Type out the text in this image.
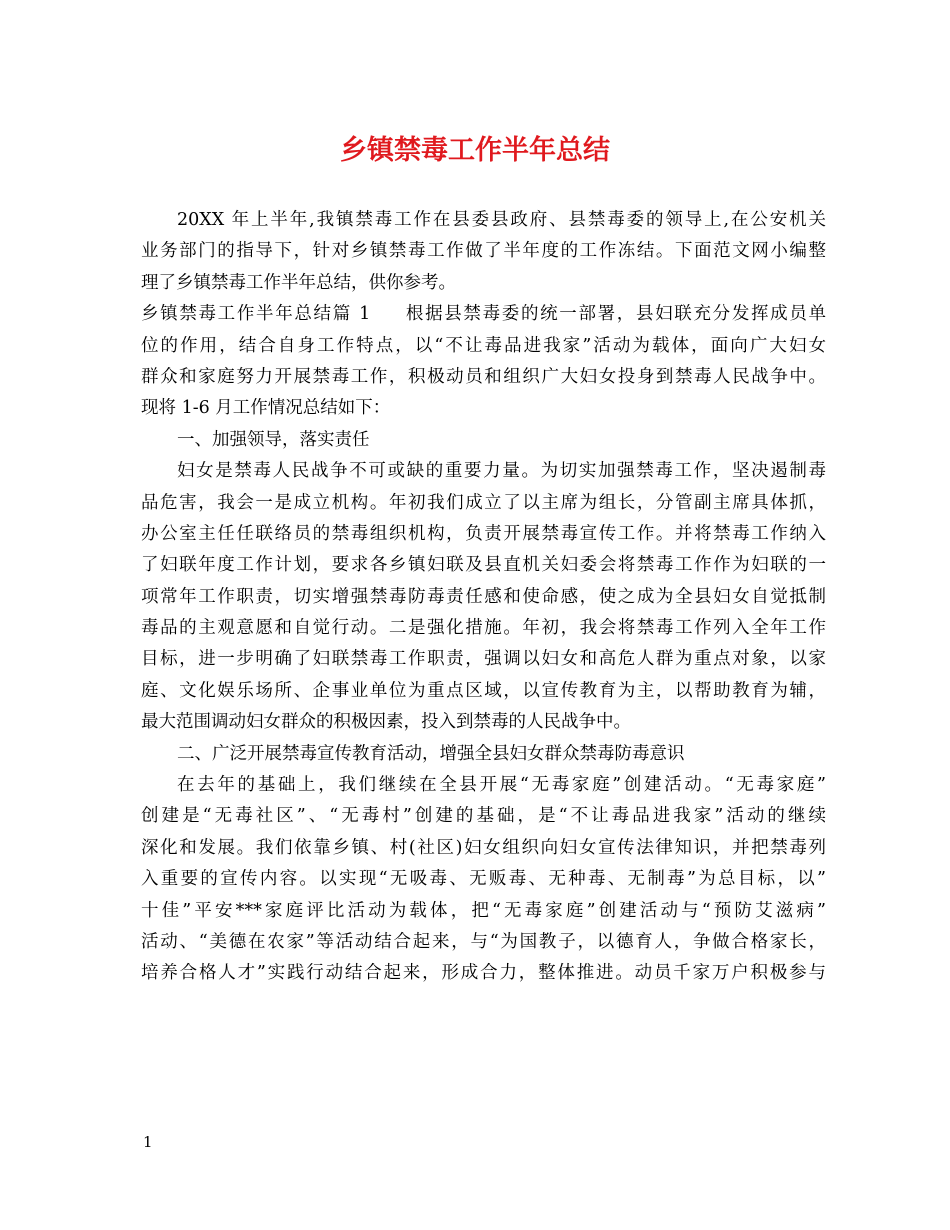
乡镇禁毒工作半年总结
20XX 年上半年,我镇禁毒工作在县委县政府、县禁毒委的领导上,在公安机关
业务部门的指导下，针对乡镇禁毒工作做了半年度的工作冻结。下面范文网小编整
理了乡镇禁毒工作半年总结，供你参考。
乡镇禁毒工作半年总结篇 1 根据县禁毒委的统一部署，县妇联充分发挥成员单
位的作用，结合自身工作特点，以“不让毒品进我家”活动为载体，面向广大妇女
群众和家庭努力开展禁毒工作，积极动员和组织广大妇女投身到禁毒人民战争中。
现将 1-6 月工作情况总结如下：
一、加强领导，落实责任
妇女是禁毒人民战争不可或缺的重要力量。为切实加强禁毒工作，坚决遏制毒
品危害，我会一是成立机构。年初我们成立了以主席为组长，分管副主席具体抓，
办公室主任任联络员的禁毒组织机构，负责开展禁毒宣传工作。并将禁毒工作纳入
了妇联年度工作计划，要求各乡镇妇联及县直机关妇委会将禁毒工作作为妇联的一
项常年工作职责，切实增强禁毒防毒责任感和使命感，使之成为全县妇女自觉抵制
毒品的主观意愿和自觉行动。二是强化措施。年初，我会将禁毒工作列入全年工作
目标，进一步明确了妇联禁毒工作职责，强调以妇女和高危人群为重点对象，以家
庭、文化娱乐场所、企事业单位为重点区域，以宣传教育为主，以帮助教育为辅，
最大范围调动妇女群众的积极因素，投入到禁毒的人民战争中。
二、广泛开展禁毒宣传教育活动，增强全县妇女群众禁毒防毒意识
在去年的基础上，我们继续在全县开展“无毒家庭”创建活动。“无毒家庭”
创建是“无毒社区”、“无毒村”创建的基础，是“不让毒品进我家”活动的继续
深化和发展。我们依靠乡镇、村(社区)妇女组织向妇女宣传法律知识，并把禁毒列
入重要的宣传内容。以实现“无吸毒、无贩毒、无种毒、无制毒”为总目标，以”
十佳”平安***家庭评比活动为载体，把“无毒家庭”创建活动与“预防艾滋病”
活动、“美德在农家”等活动结合起来，与“为国教子，以德育人，争做合格家长，
培养合格人才”实践行动结合起来，形成合力，整体推进。动员千家万户积极参与
1
